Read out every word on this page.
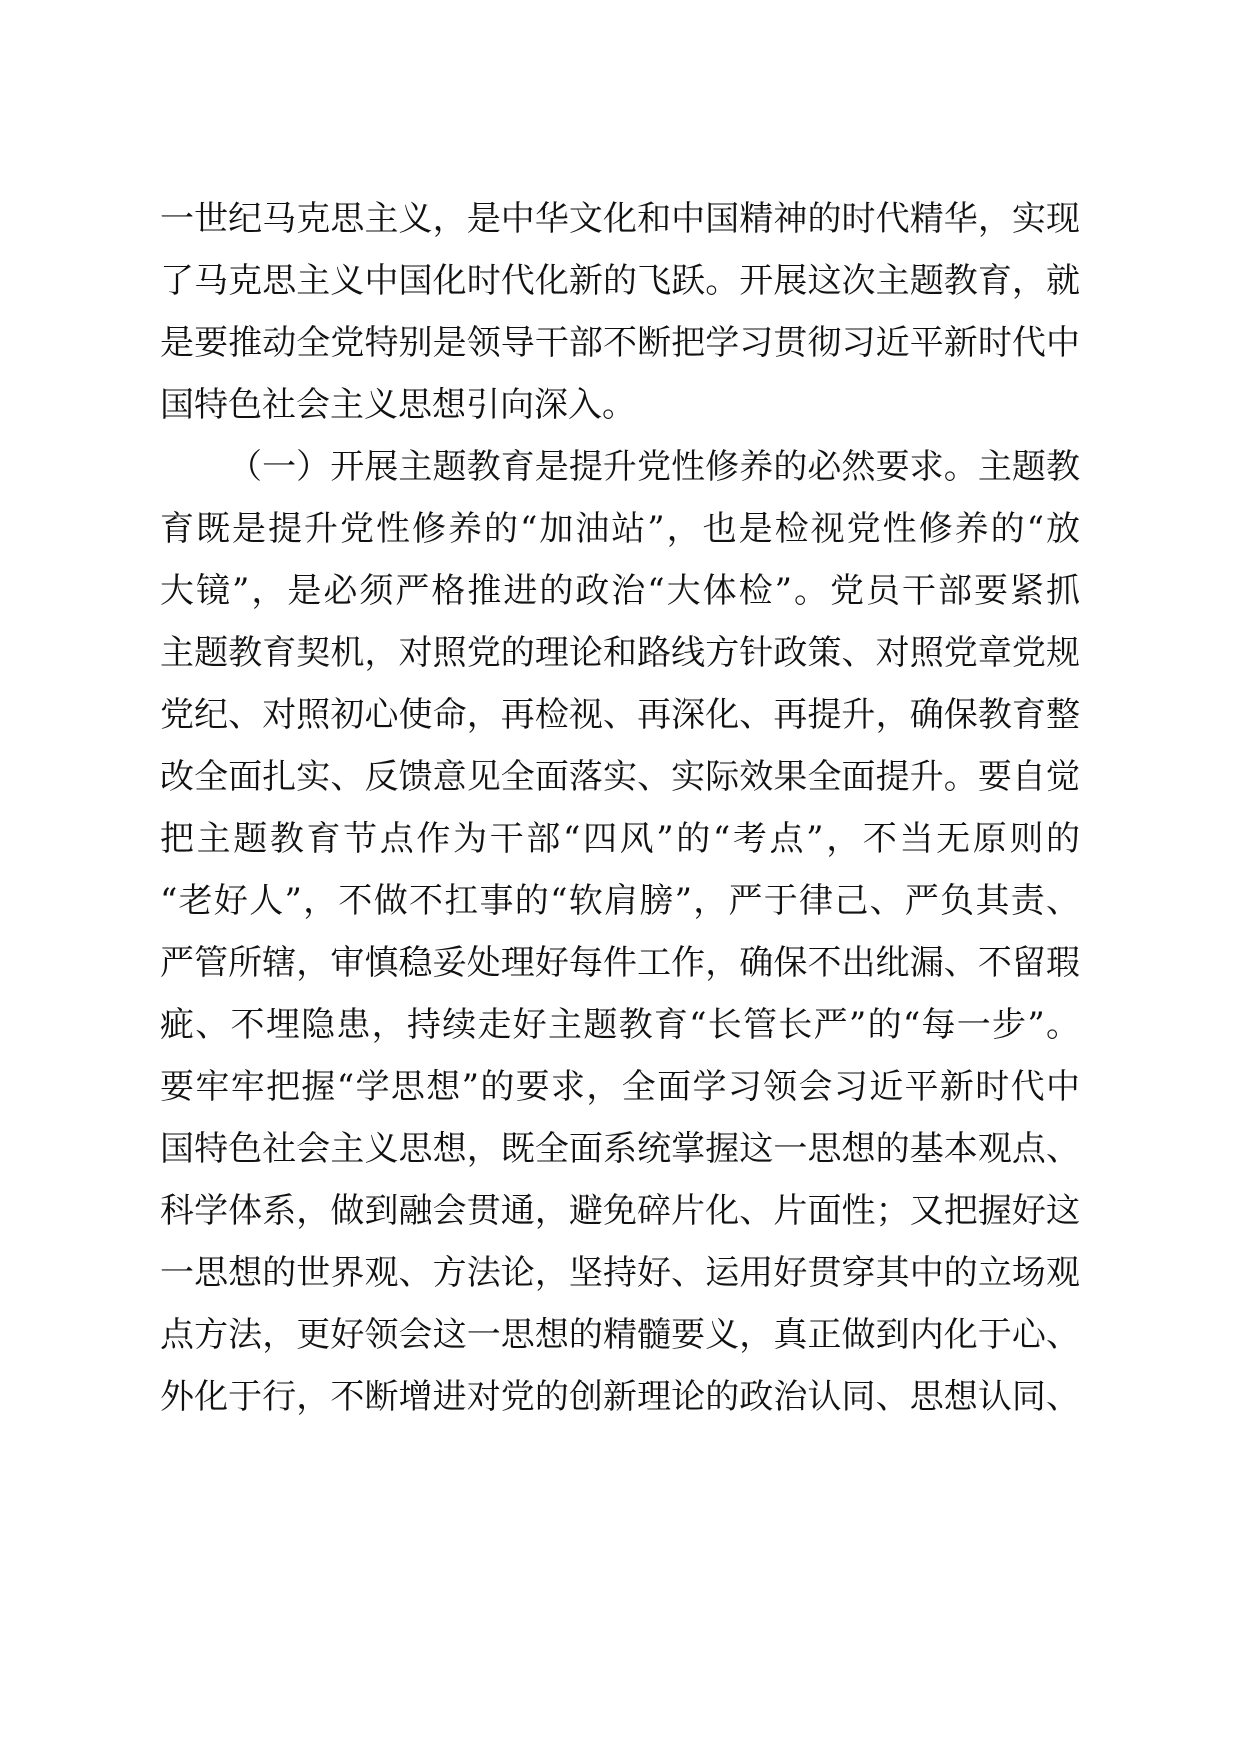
一世纪马克思主义，是中华文化和中国精神的时代精华，实现
了马克思主义中国化时代化新的飞跃。开展这次主题教育，就
是要推动全党特别是领导干部不断把学习贯彻习近平新时代中
国特色社会主义思想引向深入。
（一）开展主题教育是提升党性修养的必然要求。主题教
育既是提升党性修养的“加油站”，也是检视党性修养的“放
大镜”，是必须严格推进的政治“大体检”。党员干部要紧抓
主题教育契机，对照党的理论和路线方针政策、对照党章党规
党纪、对照初心使命，再检视、再深化、再提升，确保教育整
改全面扎实、反馈意见全面落实、实际效果全面提升。要自觉
把主题教育节点作为干部“四风”的“考点”，不当无原则的
“老好人”，不做不扛事的“软肩膀”，严于律己、严负其责、
严管所辖，审慎稳妥处理好每件工作，确保不出纰漏、不留瑕
疵、不埋隐患，持续走好主题教育“长管长严”的“每一步”。
要牢牢把握“学思想”的要求，全面学习领会习近平新时代中
国特色社会主义思想，既全面系统掌握这一思想的基本观点、
科学体系，做到融会贯通，避免碎片化、片面性；又把握好这
一思想的世界观、方法论，坚持好、运用好贯穿其中的立场观
点方法，更好领会这一思想的精髓要义，真正做到内化于心、
外化于行，不断增进对党的创新理论的政治认同、思想认同、
